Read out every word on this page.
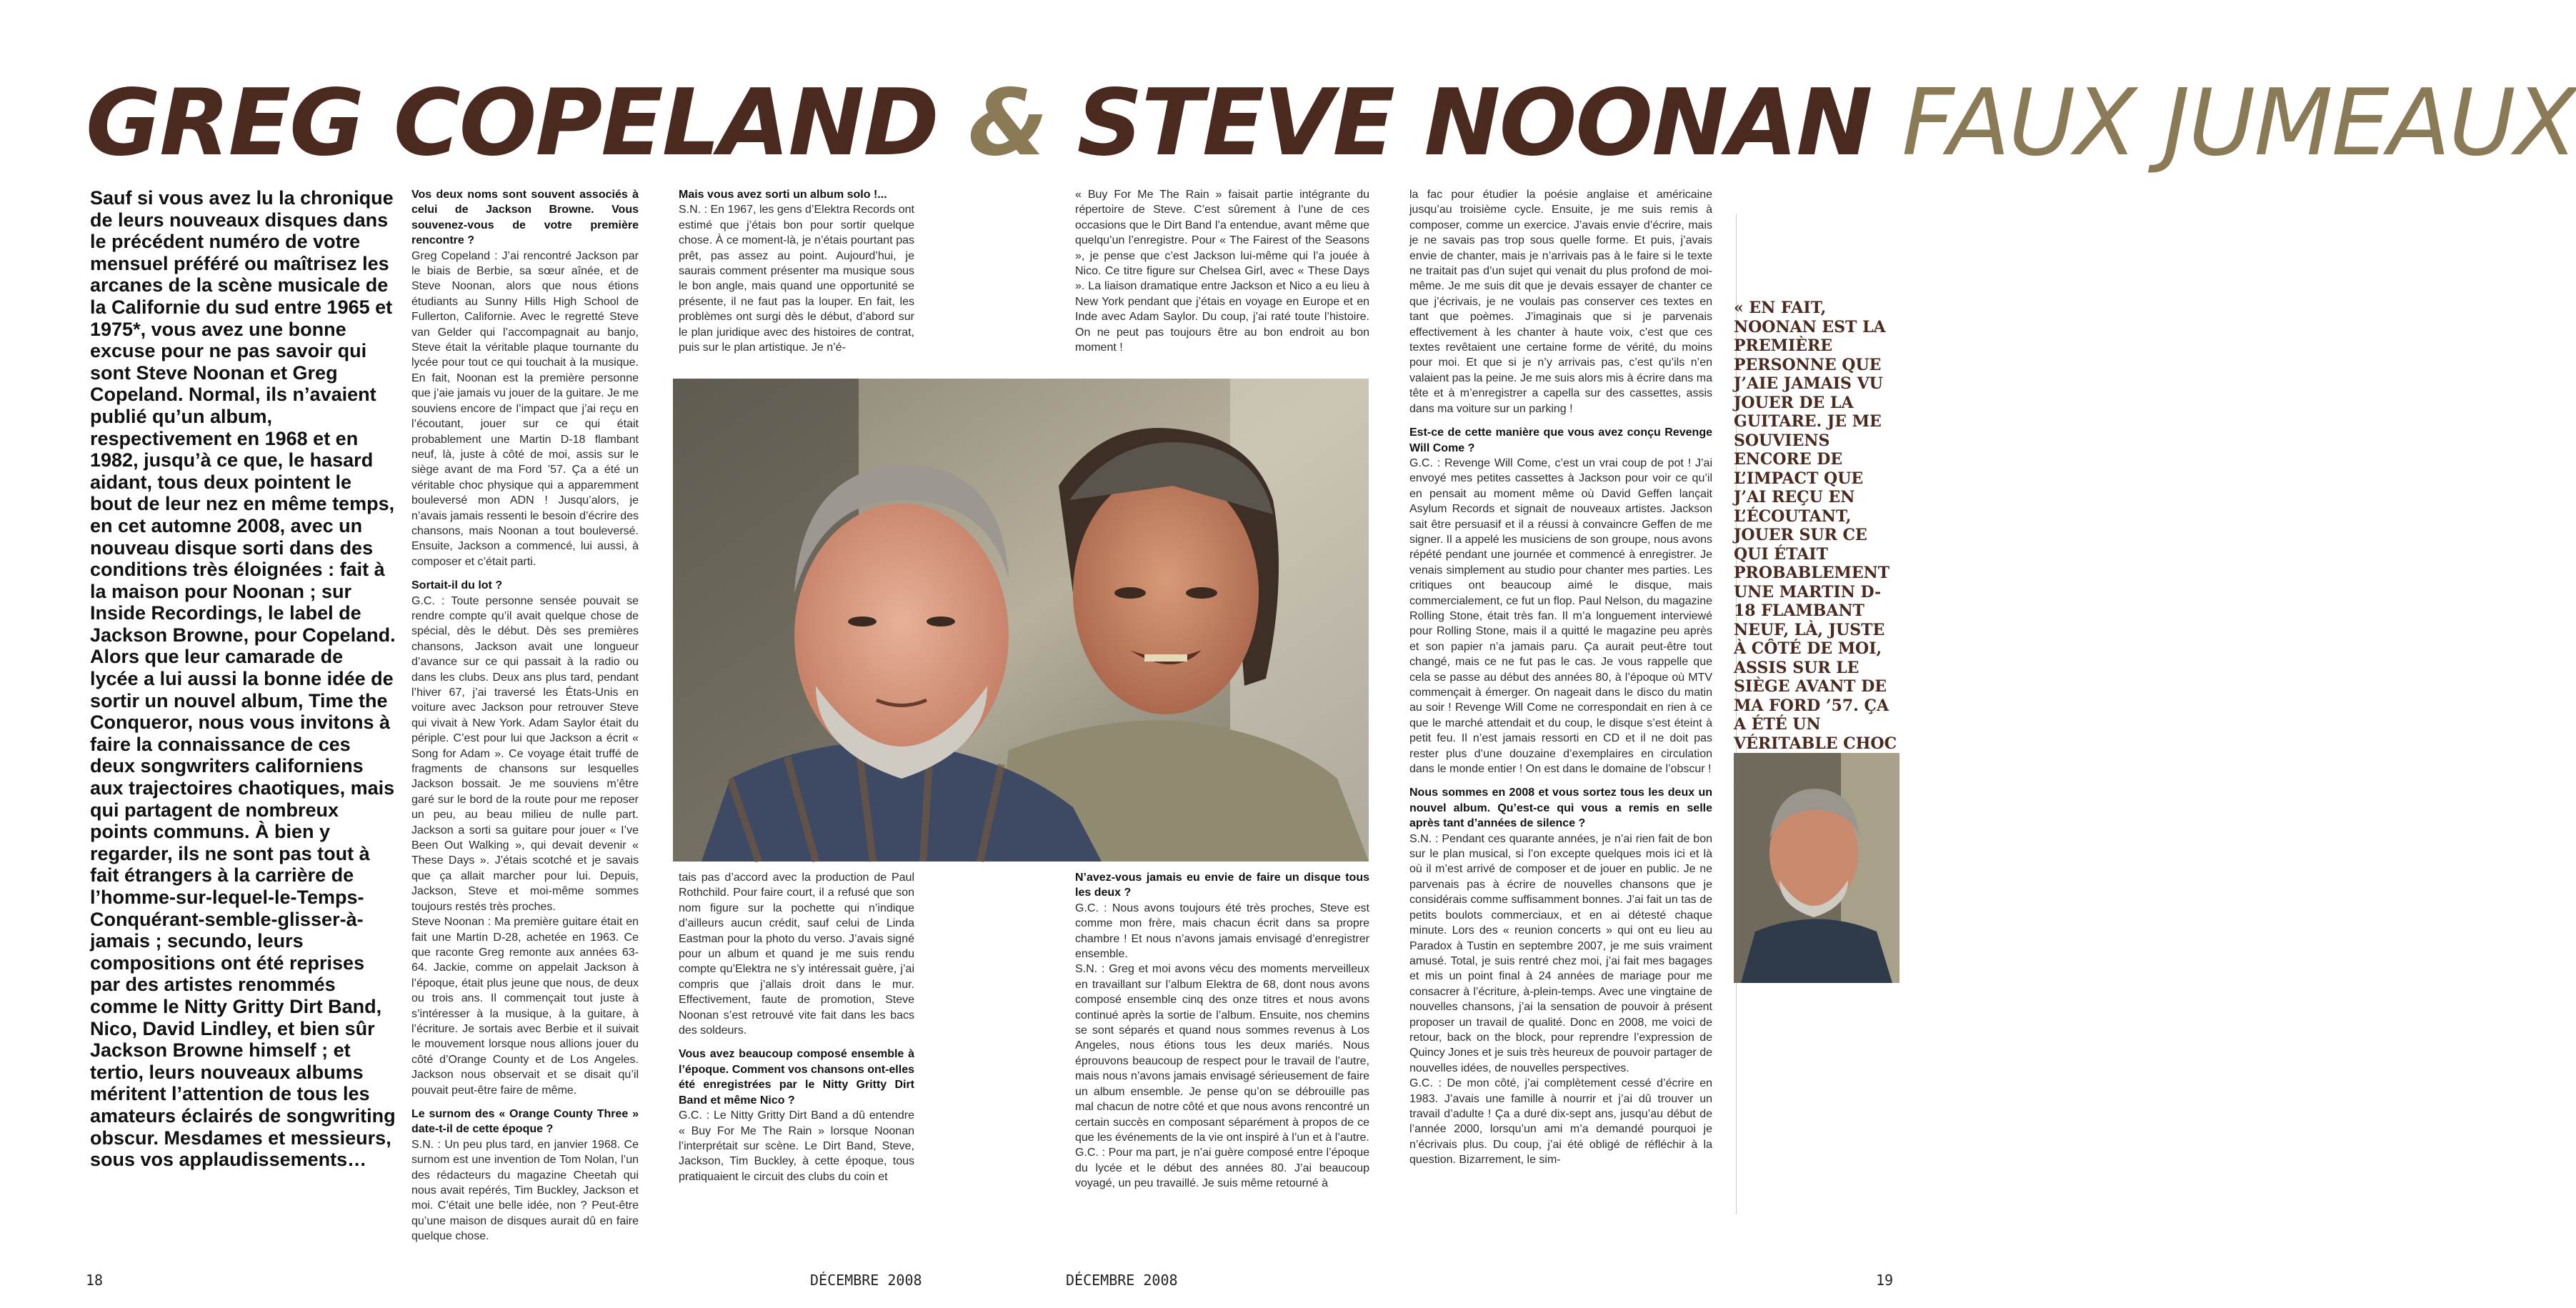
GREG COPELAND & STEVE NOONAN FAUX JUMEAUX
Sauf si vous avez lu la chronique de leurs nouveaux disques dans le précédent numéro de votre mensuel préféré ou maîtrisez les arcanes de la scène musicale de la Californie du sud entre 1965 et 1975*, vous avez une bonne excuse pour ne pas savoir qui sont Steve Noonan et Greg Copeland. Normal, ils n’avaient publié qu’un album, respectivement en 1968 et en 1982, jusqu’à ce que, le hasard aidant, tous deux pointent le bout de leur nez en même temps, en cet automne 2008, avec un nouveau disque sorti dans des conditions très éloignées : fait à la maison pour Noonan ; sur Inside Recordings, le label de Jackson Browne, pour Copeland. Alors que leur camarade de lycée a lui aussi la bonne idée de sortir un nouvel album, Time the Conqueror, nous vous invitons à faire la connaissance de ces deux songwriters californiens aux trajectoires chaotiques, mais qui partagent de nombreux points communs. À bien y regarder, ils ne sont pas tout à fait étrangers à la carrière de l’homme-sur-lequel-le-Temps-Conquérant-semble-glisser-à-jamais ; secundo, leurs compositions ont été reprises par des artistes renommés comme le Nitty Gritty Dirt Band, Nico, David Lindley, et bien sûr Jackson Browne himself ; et tertio, leurs nouveaux albums méritent l’attention de tous les amateurs éclairés de songwriting obscur. Mesdames et messieurs, sous vos applaudissements…

Vos deux noms sont souvent associés à celui de Jackson Browne. Vous souvenez-vous de votre première rencontre ?

Greg Copeland : J’ai rencontré Jackson par le biais de Berbie, sa sœur aînée, et de Steve Noonan, alors que nous étions étudiants au Sunny Hills High School de Fullerton, Californie. Avec le regretté Steve van Gelder qui l’accompagnait au banjo, Steve était la véritable plaque tournante du lycée pour tout ce qui touchait à la musique. En fait, Noonan est la première personne que j’aie jamais vu jouer de la guitare. Je me souviens encore de l’impact que j’ai reçu en l’écoutant, jouer sur ce qui était probablement une Martin D-18 flambant neuf, là, juste à côté de moi, assis sur le siège avant de ma Ford ’57. Ça a été un véritable choc physique qui a apparemment bouleversé mon ADN ! Jusqu’alors, je n’avais jamais ressenti le besoin d’écrire des chansons, mais Noonan a tout bouleversé. Ensuite, Jackson a commencé, lui aussi, à composer et c’était parti.

Sortait-il du lot ?

G.C. : Toute personne sensée pouvait se rendre compte qu’il avait quelque chose de spécial, dès le début. Dès ses premières chansons, Jackson avait une longueur d’avance sur ce qui passait à la radio ou dans les clubs. Deux ans plus tard, pendant l’hiver 67, j’ai traversé les États-Unis en voiture avec Jackson pour retrouver Steve qui vivait à New York. Adam Saylor était du périple. C’est pour lui que Jackson a écrit « Song for Adam ». Ce voyage était truffé de fragments de chansons sur lesquelles Jackson bossait. Je me souviens m’être garé sur le bord de la route pour me reposer un peu, au beau milieu de nulle part. Jackson a sorti sa guitare pour jouer « I’ve Been Out Walking », qui devait devenir « These Days ». J’étais scotché et je savais que ça allait marcher pour lui. Depuis, Jackson, Steve et moi-même sommes toujours restés très proches.

Steve Noonan : Ma première guitare était en fait une Martin D-28, achetée en 1963. Ce que raconte Greg remonte aux années 63-64. Jackie, comme on appelait Jackson à l’époque, était plus jeune que nous, de deux ou trois ans. Il commençait tout juste à s’intéresser à la musique, à la guitare, à l’écriture. Je sortais avec Berbie et il suivait le mouvement lorsque nous allions jouer du côté d’Orange County et de Los Angeles. Jackson nous observait et se disait qu’il pouvait peut-être faire de même.

Le surnom des « Orange County Three » date-t-il de cette époque ?

S.N. : Un peu plus tard, en janvier 1968. Ce surnom est une invention de Tom Nolan, l’un des rédacteurs du magazine Cheetah qui nous avait repérés, Tim Buckley, Jackson et moi. C’était une belle idée, non ? Peut-être qu’une maison de disques aurait dû en faire quelque chose.

Mais vous avez sorti un album solo !...

S.N. : En 1967, les gens d’Elektra Records ont estimé que j’étais bon pour sortir quelque chose. À ce moment-là, je n’étais pourtant pas prêt, pas assez au point. Aujourd’hui, je saurais comment présenter ma musique sous le bon angle, mais quand une opportunité se présente, il ne faut pas la louper. En fait, les problèmes ont surgi dès le début, d’abord sur le plan juridique avec des histoires de contrat, puis sur le plan artistique. Je n’é-

tais pas d’accord avec la production de Paul Rothchild. Pour faire court, il a refusé que son nom figure sur la pochette qui n’indique d’ailleurs aucun crédit, sauf celui de Linda Eastman pour la photo du verso. J’avais signé pour un album et quand je me suis rendu compte qu’Elektra ne s’y intéressait guère, j’ai compris que j’allais droit dans le mur. Effectivement, faute de promotion, Steve Noonan s’est retrouvé vite fait dans les bacs des soldeurs.

Vous avez beaucoup composé ensemble à l’époque. Comment vos chansons ont-elles été enregistrées par le Nitty Gritty Dirt Band et même Nico ?

G.C. : Le Nitty Gritty Dirt Band a dû entendre « Buy For Me The Rain » lorsque Noonan l’interprétait sur scène. Le Dirt Band, Steve, Jackson, Tim Buckley, à cette époque, tous pratiquaient le circuit des clubs du coin et

« Buy For Me The Rain » faisait partie intégrante du répertoire de Steve. C’est sûrement à l’une de ces occasions que le Dirt Band l’a entendue, avant même que quelqu’un l’enregistre. Pour « The Fairest of the Seasons », je pense que c’est Jackson lui-même qui l’a jouée à Nico. Ce titre figure sur Chelsea Girl, avec « These Days ». La liaison dramatique entre Jackson et Nico a eu lieu à New York pendant que j’étais en voyage en Europe et en Inde avec Adam Saylor. Du coup, j’ai raté toute l’histoire. On ne peut pas toujours être au bon endroit au bon moment !

N’avez-vous jamais eu envie de faire un disque tous les deux ?

G.C. : Nous avons toujours été très proches, Steve est comme mon frère, mais chacun écrit dans sa propre chambre ! Et nous n’avons jamais envisagé d’enregistrer ensemble.

S.N. : Greg et moi avons vécu des moments merveilleux en travaillant sur l’album Elektra de 68, dont nous avons composé ensemble cinq des onze titres et nous avons continué après la sortie de l’album. Ensuite, nos chemins se sont séparés et quand nous sommes revenus à Los Angeles, nous étions tous les deux mariés. Nous éprouvons beaucoup de respect pour le travail de l’autre, mais nous n’avons jamais envisagé sérieusement de faire un album ensemble. Je pense qu’on se débrouille pas mal chacun de notre côté et que nous avons rencontré un certain succès en composant séparément à propos de ce que les événements de la vie ont inspiré à l’un et à l’autre.

G.C. : Pour ma part, je n’ai guère composé entre l’époque du lycée et le début des années 80. J’ai beaucoup voyagé, un peu travaillé. Je suis même retourné à

la fac pour étudier la poésie anglaise et américaine jusqu’au troisième cycle. Ensuite, je me suis remis à composer, comme un exercice. J’avais envie d’écrire, mais je ne savais pas trop sous quelle forme. Et puis, j’avais envie de chanter, mais je n’arrivais pas à le faire si le texte ne traitait pas d’un sujet qui venait du plus profond de moi-même. Je me suis dit que je devais essayer de chanter ce que j’écrivais, je ne voulais pas conserver ces textes en tant que poèmes. J’imaginais que si je parvenais effectivement à les chanter à haute voix, c’est que ces textes revêtaient une certaine forme de vérité, du moins pour moi. Et que si je n’y arrivais pas, c’est qu’ils n’en valaient pas la peine. Je me suis alors mis à écrire dans ma tête et à m’enregistrer a capella sur des cassettes, assis dans ma voiture sur un parking !

Est-ce de cette manière que vous avez conçu Revenge Will Come ?

G.C. : Revenge Will Come, c’est un vrai coup de pot ! J’ai envoyé mes petites cassettes à Jackson pour voir ce qu’il en pensait au moment même où David Geffen lançait Asylum Records et signait de nouveaux artistes. Jackson sait être persuasif et il a réussi à convaincre Geffen de me signer. Il a appelé les musiciens de son groupe, nous avons répété pendant une journée et commencé à enregistrer. Je venais simplement au studio pour chanter mes parties. Les critiques ont beaucoup aimé le disque, mais commercialement, ce fut un flop. Paul Nelson, du magazine Rolling Stone, était très fan. Il m’a longuement interviewé pour Rolling Stone, mais il a quitté le magazine peu après et son papier n’a jamais paru. Ça aurait peut-être tout changé, mais ce ne fut pas le cas. Je vous rappelle que cela se passe au début des années 80, à l’époque où MTV commençait à émerger. On nageait dans le disco du matin au soir ! Revenge Will Come ne correspondait en rien à ce que le marché attendait et du coup, le disque s’est éteint à petit feu. Il n’est jamais ressorti en CD et il ne doit pas rester plus d’une douzaine d’exemplaires en circulation dans le monde entier ! On est dans le domaine de l’obscur !

Nous sommes en 2008 et vous sortez tous les deux un nouvel album. Qu’est-ce qui vous a remis en selle après tant d’années de silence ?

S.N. : Pendant ces quarante années, je n’ai rien fait de bon sur le plan musical, si l’on excepte quelques mois ici et là où il m’est arrivé de composer et de jouer en public. Je ne parvenais pas à écrire de nouvelles chansons que je considérais comme suffisamment bonnes. J’ai fait un tas de petits boulots commerciaux, et en ai détesté chaque minute. Lors des « reunion concerts » qui ont eu lieu au Paradox à Tustin en septembre 2007, je me suis vraiment amusé. Total, je suis rentré chez moi, j’ai fait mes bagages et mis un point final à 24 années de mariage pour me consacrer à l’écriture, à-plein-temps. Avec une vingtaine de nouvelles chansons, j’ai la sensation de pouvoir à présent proposer un travail de qualité. Donc en 2008, me voici de retour, back on the block, pour reprendre l’expression de Quincy Jones et je suis très heureux de pouvoir partager de nouvelles idées, de nouvelles perspectives.

G.C. : De mon côté, j’ai complètement cessé d’écrire en 1983. J’avais une famille à nourrir et j’ai dû trouver un travail d’adulte ! Ça a duré dix-sept ans, jusqu’au début de l’année 2000, lorsqu’un ami m’a demandé pourquoi je n’écrivais plus. Du coup, j’ai été obligé de réfléchir à la question. Bizarrement, le sim-

« EN FAIT, NOONAN EST LA PREMIÈRE PERSONNE QUE J’AIE JAMAIS VU JOUER DE LA GUITARE. JE ME SOUVIENS ENCORE DE L’IMPACT QUE J’AI REÇU EN L’ÉCOUTANT, JOUER SUR CE QUI ÉTAIT PROBABLEMENT UNE MARTIN D-18 FLAMBANT NEUF, LÀ, JUSTE À CÔTÉ DE MOI, ASSIS SUR LE SIÈGE AVANT DE MA FORD ’57. ÇA A ÉTÉ UN VÉRITABLE CHOC
18	DÉCEMBRE 2008	DÉCEMBRE 2008	19
